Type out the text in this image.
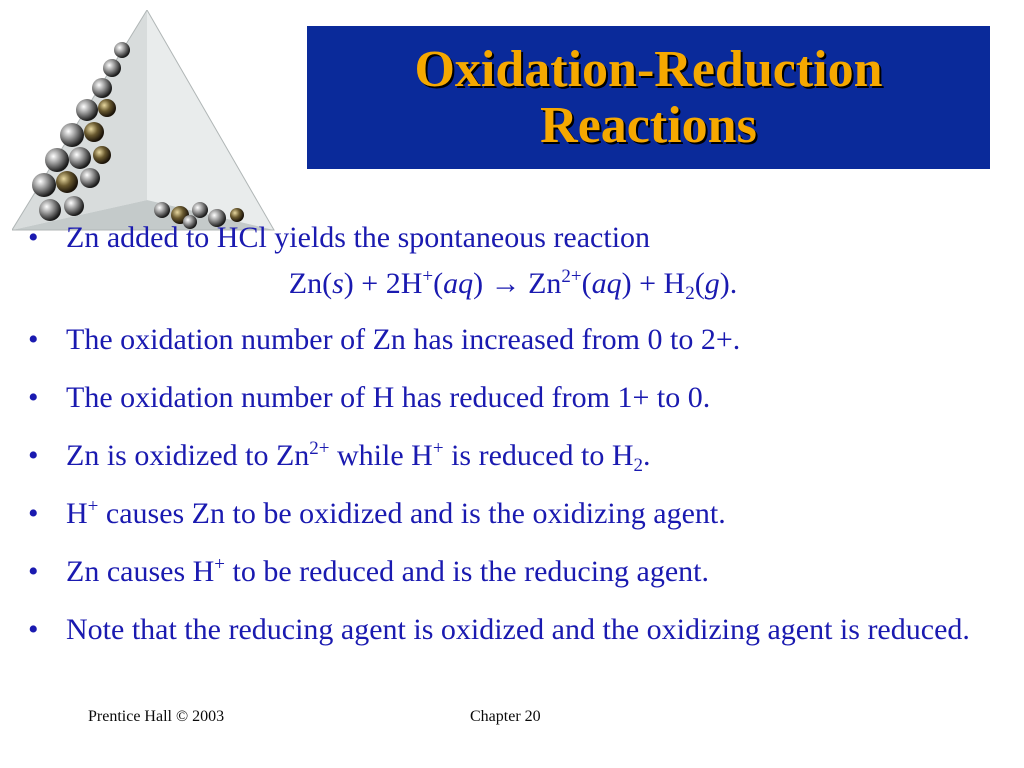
Oxidation-Reduction
Reactions
• Zn added to HCl yields the spontaneous reaction
$Zn(s) + 2H^+(aq) \to Zn^{2+}(aq) + H_2(g)$.
• The oxidation number of Zn has increased from 0 to 2+.
• The oxidation number of H has reduced from 1+ to 0.
• Zn is oxidized to $Zn^{2+}$ while H+ is reduced to $H_2$.
• H+ causes Zn to be oxidized and is the oxidizing agent.
• Zn causes H+ to be reduced and is the reducing agent.
• Note that the reducing agent is oxidized and the oxidizing agent is reduced.
Prentice Hall © 2003	Chapter 20
